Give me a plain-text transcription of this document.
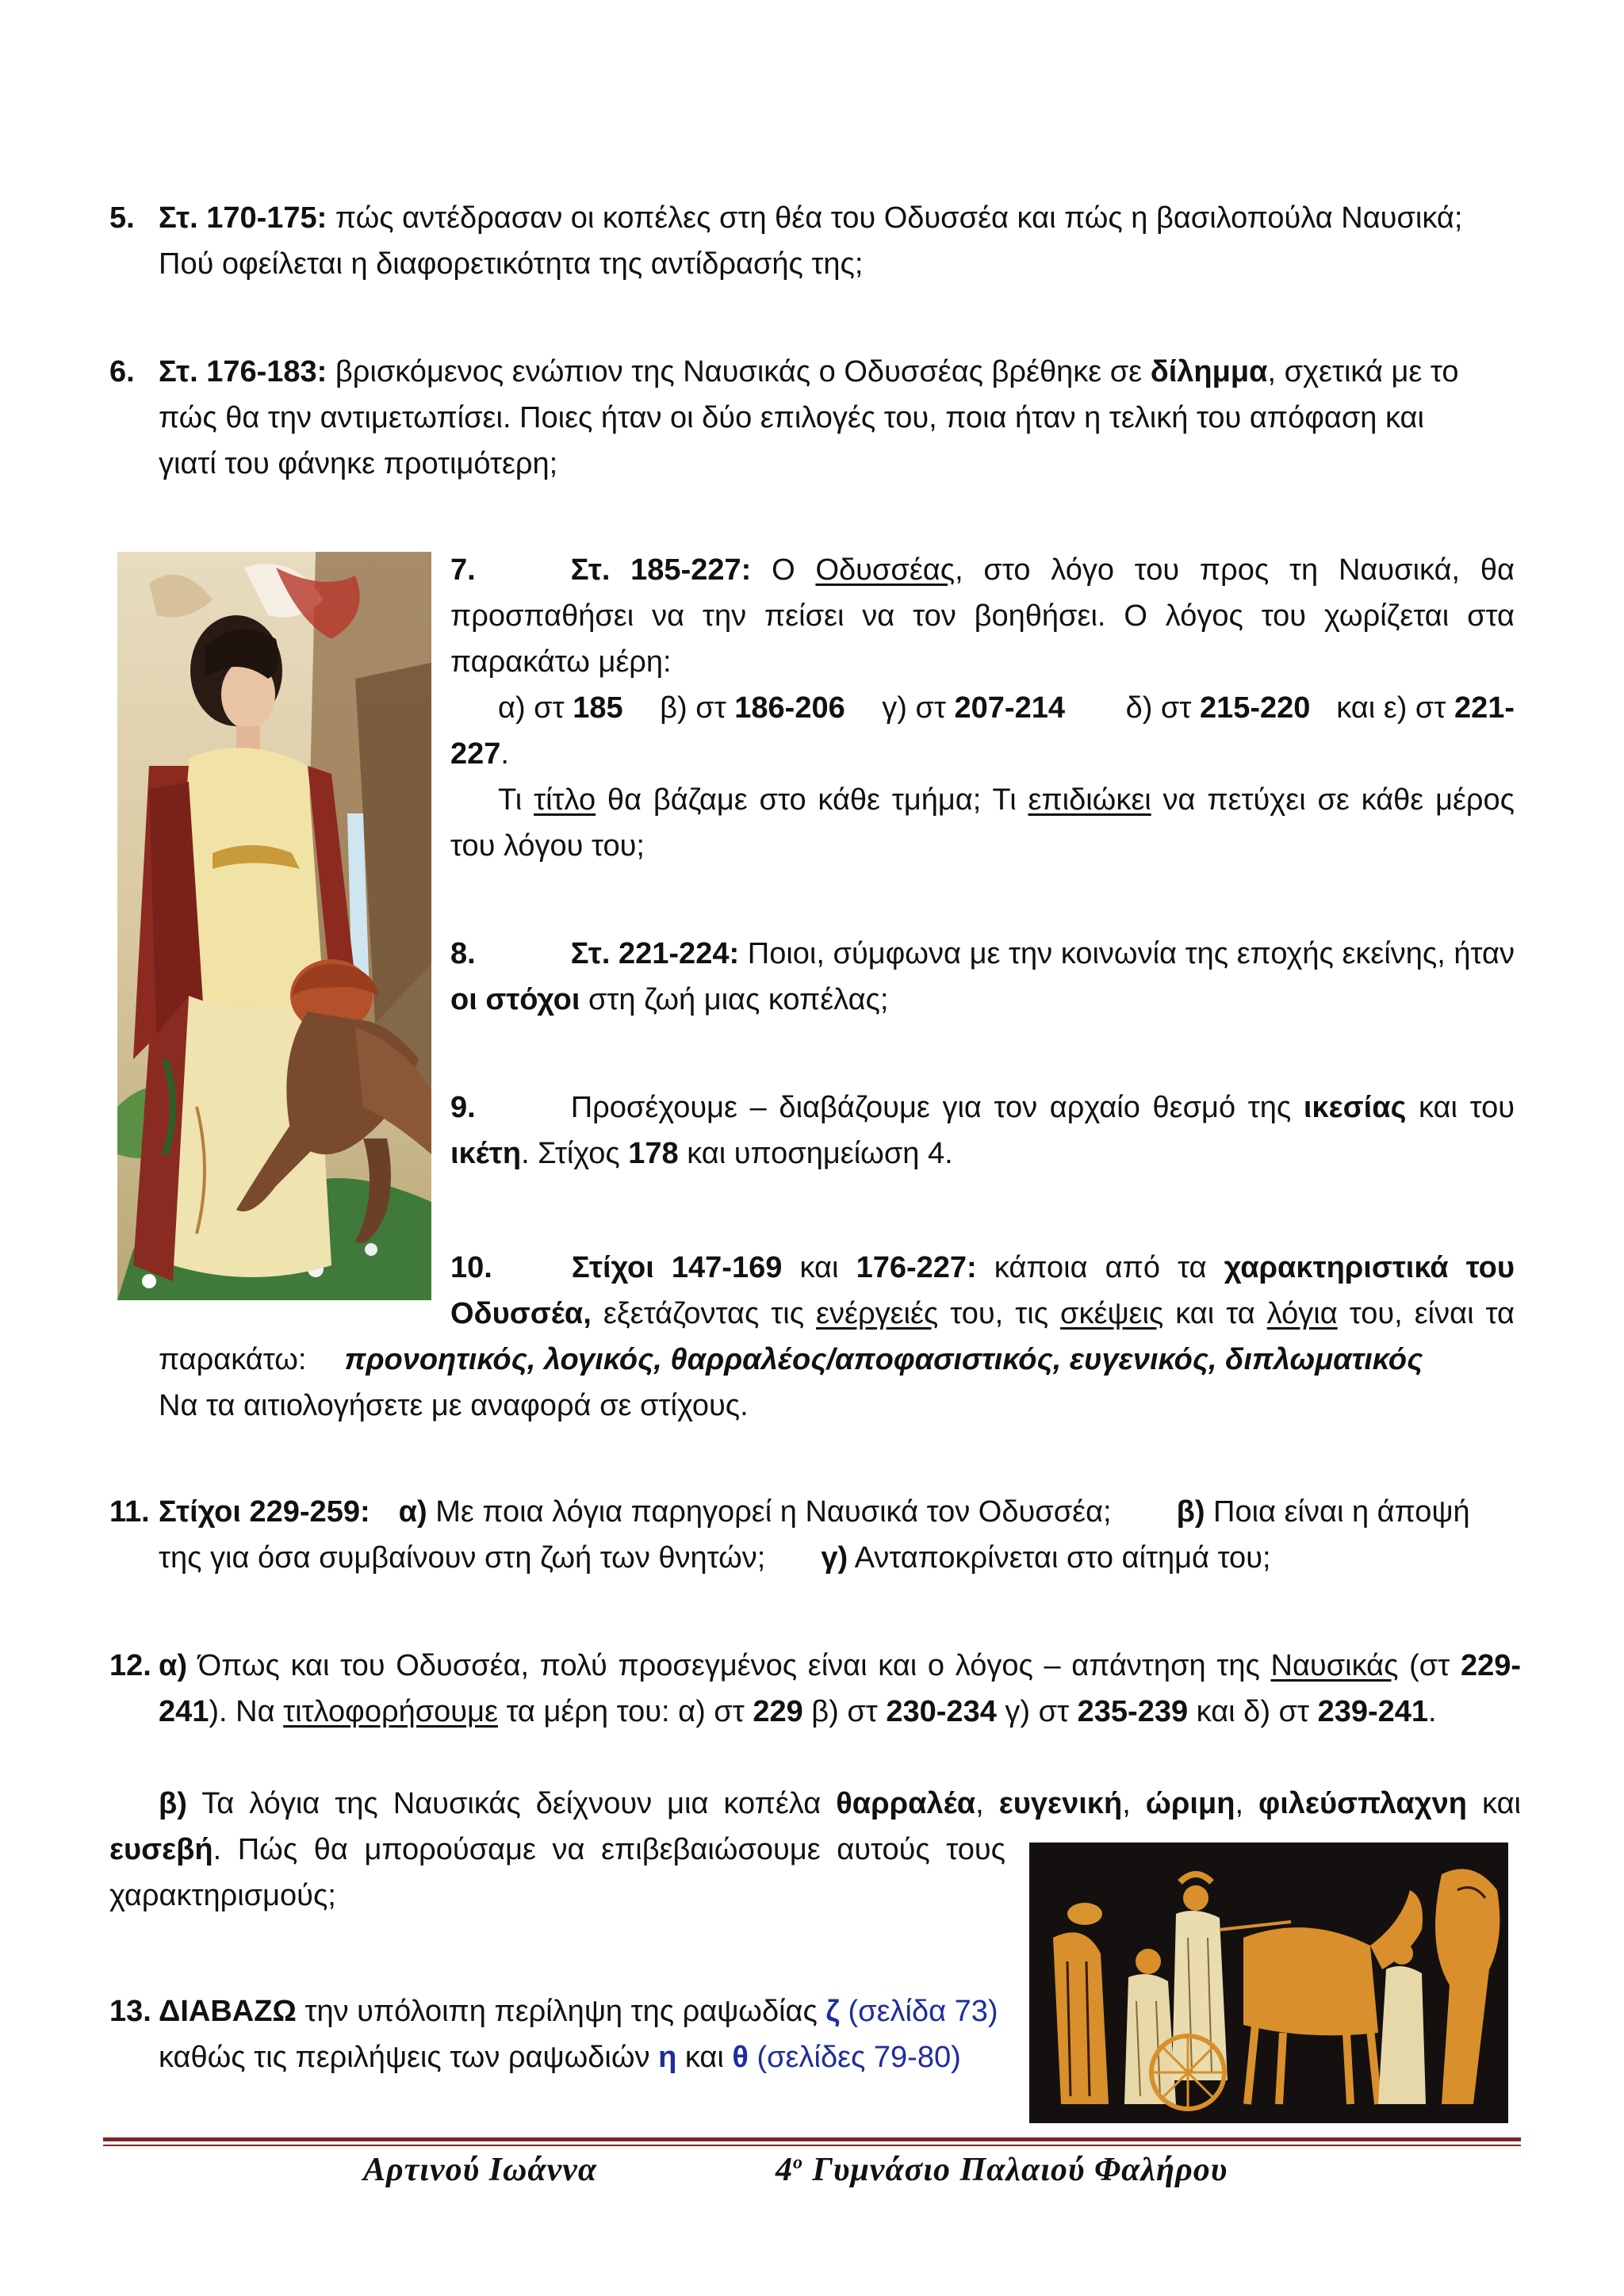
5. Στ. 170-175: πώς αντέδρασαν οι κοπέλες στη θέα του Οδυσσέα και πώς η βασιλοπούλα Ναυσικά;
Πού οφείλεται η διαφορετικότητα της αντίδρασής της;
6. Στ. 176-183: βρισκόμενος ενώπιον της Ναυσικάς ο Οδυσσέας βρέθηκε σε δίλημμα, σχετικά με το
πώς θα την αντιμετωπίσει. Ποιες ήταν οι δύο επιλογές του, ποια ήταν η τελική του απόφαση και
γιατί του φάνηκε προτιμότερη;
7.	Στ. 185-227: Ο Οδυσσέας, στο λόγο του προς τη Ναυσικά, θα
προσπαθήσει να την πείσει να τον βοηθήσει. Ο λόγος του χωρίζεται στα
παρακάτω μέρη:
α) στ 185 β) στ 186-206 γ) στ 207-214 δ) στ 215-220 και ε) στ 221-
227.
Τι τίτλο θα βάζαμε στο κάθε τμήμα; Τι επιδιώκει να πετύχει σε κάθε μέρος
του λόγου του;
8.	Στ. 221-224: Ποιοι, σύμφωνα με την κοινωνία της εποχής εκείνης, ήταν
οι στόχοι στη ζωή μιας κοπέλας;
9.	Προσέχουμε – διαβάζουμε για τον αρχαίο θεσμό της ικεσίας και του
ικέτη. Στίχος 178 και υποσημείωση 4.
10.	Στίχοι 147-169 και 176-227: κάποια από τα χαρακτηριστικά του
Οδυσσέα, εξετάζοντας τις ενέργειές του, τις σκέψεις και τα λόγια του, είναι τα
παρακάτω: προνοητικός, λογικός, θαρραλέος/αποφασιστικός, ευγενικός, διπλωματικός
Να τα αιτιολογήσετε με αναφορά σε στίχους.
11. Στίχοι 229-259: α) Με ποια λόγια παρηγορεί η Ναυσικά τον Οδυσσέα; β) Ποια είναι η άποψή
της για όσα συμβαίνουν στη ζωή των θνητών; γ) Ανταποκρίνεται στο αίτημά του;
12. α) Όπως και του Οδυσσέα, πολύ προσεγμένος είναι και ο λόγος – απάντηση της Ναυσικάς (στ 229-
241). Να τιτλοφορήσουμε τα μέρη του: α) στ 229 β) στ 230-234 γ) στ 235-239 και δ) στ 239-241.
β) Τα λόγια της Ναυσικάς δείχνουν μια κοπέλα θαρραλέα, ευγενική, ώριμη, φιλεύσπλαχνη και
ευσεβή. Πώς θα μπορούσαμε να επιβεβαιώσουμε αυτούς τους
χαρακτηρισμούς;
13. ΔΙΑΒΑΖΩ την υπόλοιπη περίληψη της ραψωδίας ζ (σελίδα 73)
καθώς τις περιλήψεις των ραψωδιών η και θ (σελίδες 79-80)
Αρτινού Ιωάννα	$4^o$ Γυμνάσιο Παλαιού Φαλήρου
